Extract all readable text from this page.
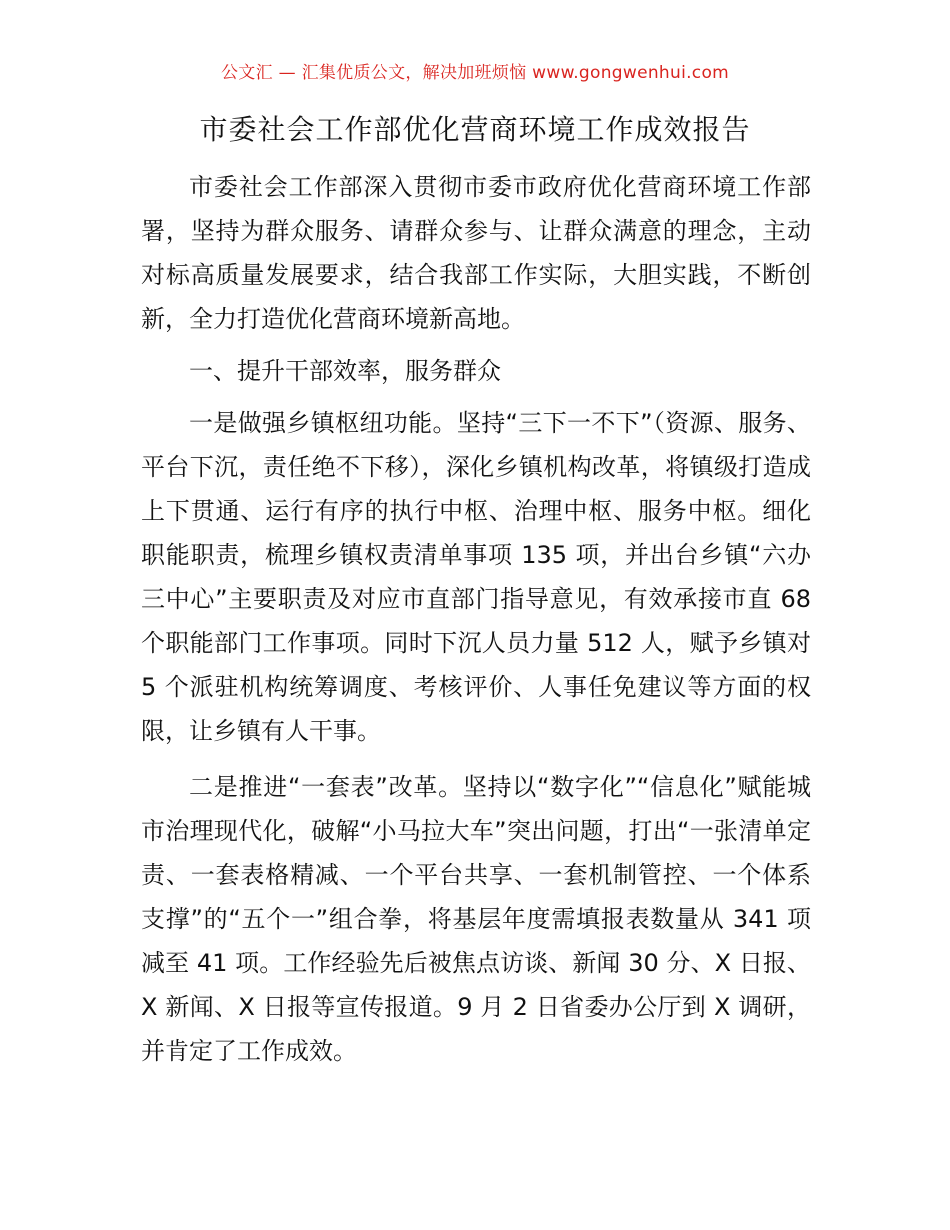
公文汇 — 汇集优质公文，解决加班烦恼 www.gongwenhui.com
市委社会工作部优化营商环境工作成效报告

市委社会工作部深入贯彻市委市政府优化营商环境工作部署，坚持为群众服务、请群众参与、让群众满意的理念，主动对标高质量发展要求，结合我部工作实际，大胆实践，不断创新，全力打造优化营商环境新高地。

一、提升干部效率，服务群众

一是做强乡镇枢纽功能。坚持“三下一不下”（资源、服务、平台下沉，责任绝不下移），深化乡镇机构改革，将镇级打造成上下贯通、运行有序的执行中枢、治理中枢、服务中枢。细化职能职责，梳理乡镇权责清单事项 135 项，并出台乡镇“六办三中心”主要职责及对应市直部门指导意见，有效承接市直 68 个职能部门工作事项。同时下沉人员力量 512 人，赋予乡镇对 5 个派驻机构统筹调度、考核评价、人事任免建议等方面的权限，让乡镇有人干事。

二是推进“一套表”改革。坚持以“数字化”“信息化”赋能城市治理现代化，破解“小马拉大车”突出问题，打出“一张清单定责、一套表格精减、一个平台共享、一套机制管控、一个体系支撑”的“五个一”组合拳，将基层年度需填报表数量从 341 项减至 41 项。工作经验先后被焦点访谈、新闻 30 分、X 日报、X 新闻、X 日报等宣传报道。9 月 2 日省委办公厅到 X 调研，并肯定了工作成效。
